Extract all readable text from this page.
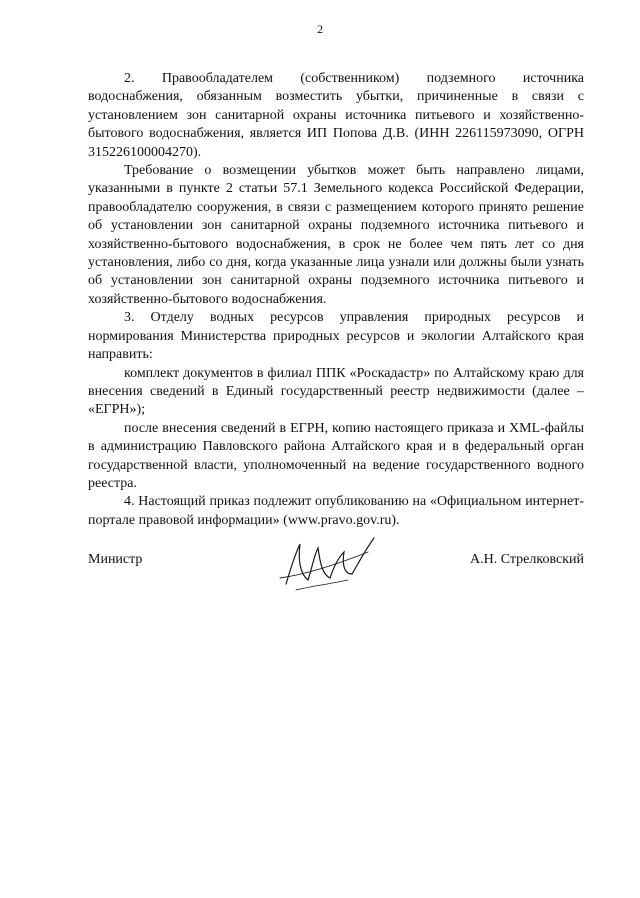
2

2. Правообладателем (собственником) подземного источника водоснабжения, обязанным возместить убытки, причиненные в связи с установлением зон санитарной охраны источника питьевого и хозяйственно-бытового водоснабжения, является ИП Попова Д.В. (ИНН 226115973090, ОГРН 315226100004270).

Требование о возмещении убытков может быть направлено лицами, указанными в пункте 2 статьи 57.1 Земельного кодекса Российской Федерации, правообладателю сооружения, в связи с размещением которого принято решение об установлении зон санитарной охраны подземного источника питьевого и хозяйственно-бытового водоснабжения, в срок не более чем пять лет со дня установления, либо со дня, когда указанные лица узнали или должны были узнать об установлении зон санитарной охраны подземного источника питьевого и хозяйственно-бытового водоснабжения.

3. Отделу водных ресурсов управления природных ресурсов и нормирования Министерства природных ресурсов и экологии Алтайского края направить:

комплект документов в филиал ППК «Роскадастр» по Алтайскому краю для внесения сведений в Единый государственный реестр недвижимости (далее – «ЕГРН»);

после внесения сведений в ЕГРН, копию настоящего приказа и XML-файлы в администрацию Павловского района Алтайского края и в федеральный орган государственной власти, уполномоченный на ведение государственного водного реестра.

4. Настоящий приказ подлежит опубликованию на «Официальном интернет-портале правовой информации» (www.pravo.gov.ru).

Министр	А.Н. Стрелковский
